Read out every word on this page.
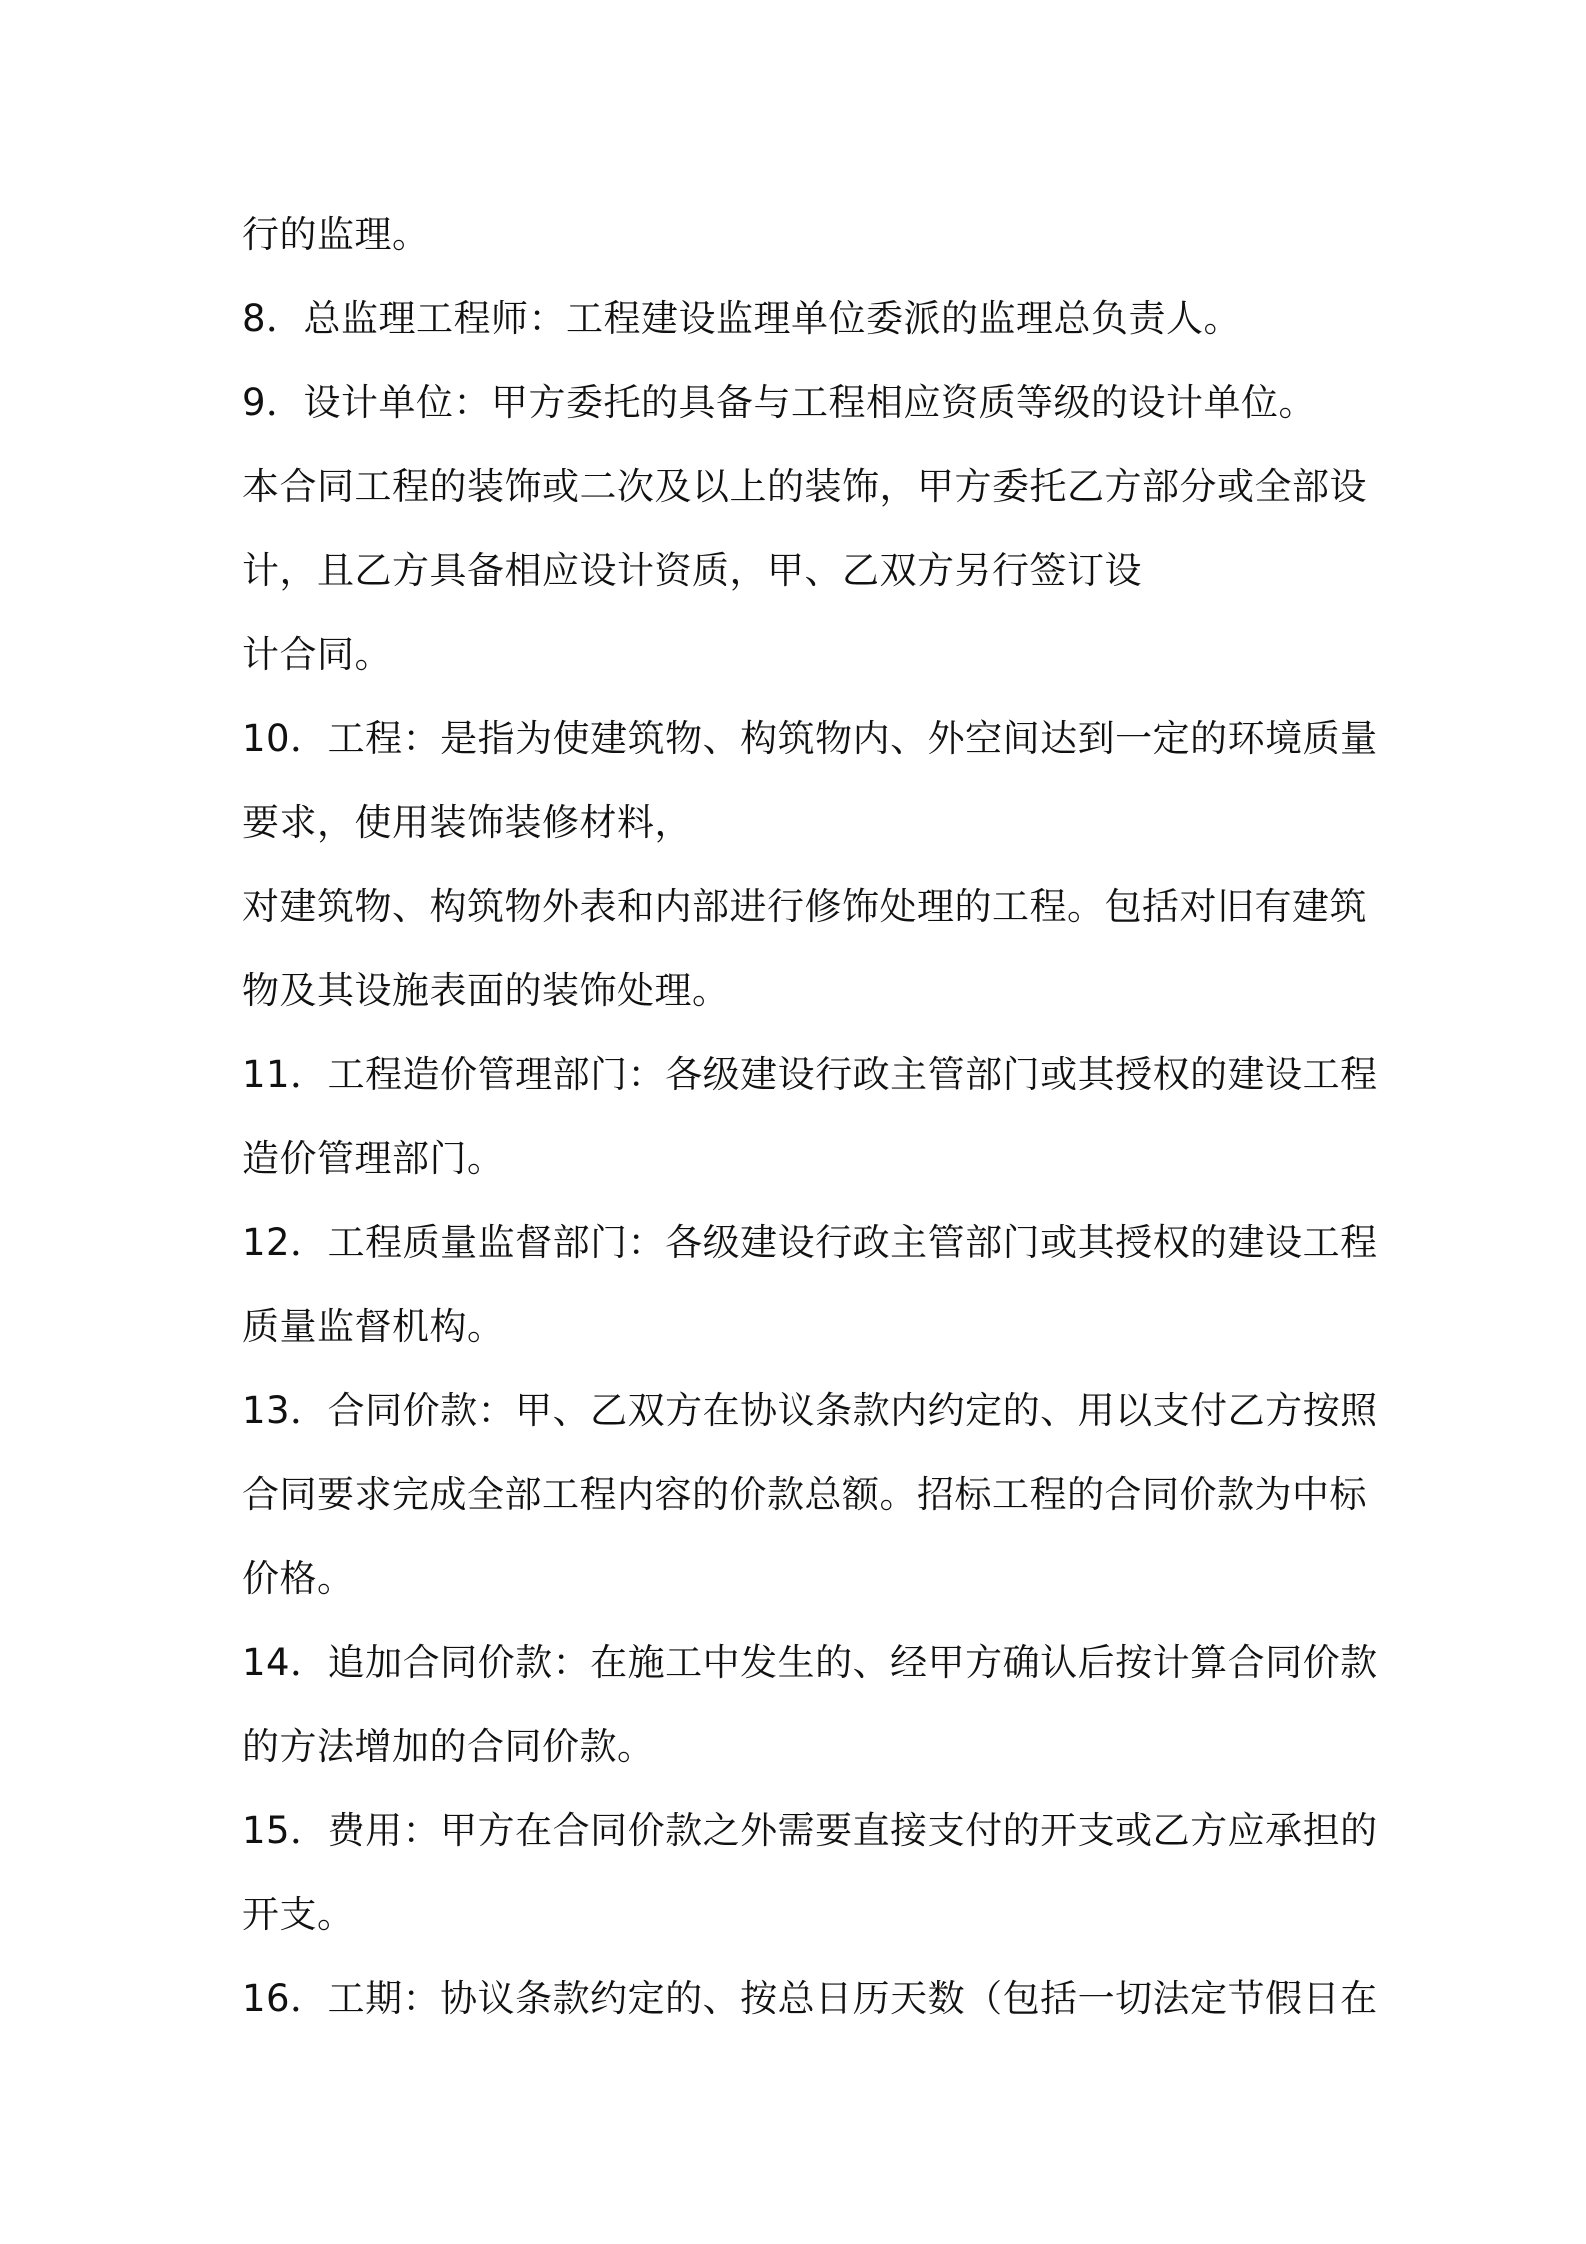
行的监理。
8．总监理工程师：工程建设监理单位委派的监理总负责人。
9．设计单位：甲方委托的具备与工程相应资质等级的设计单位。
本合同工程的装饰或二次及以上的装饰，甲方委托乙方部分或全部设
计，且乙方具备相应设计资质，甲、乙双方另行签订设
计合同。
10．工程：是指为使建筑物、构筑物内、外空间达到一定的环境质量
要求，使用装饰装修材料，
对建筑物、构筑物外表和内部进行修饰处理的工程。包括对旧有建筑
物及其设施表面的装饰处理。
11．工程造价管理部门：各级建设行政主管部门或其授权的建设工程
造价管理部门。
12．工程质量监督部门：各级建设行政主管部门或其授权的建设工程
质量监督机构。
13．合同价款：甲、乙双方在协议条款内约定的、用以支付乙方按照
合同要求完成全部工程内容的价款总额。招标工程的合同价款为中标
价格。
14．追加合同价款：在施工中发生的、经甲方确认后按计算合同价款
的方法增加的合同价款。
15．费用：甲方在合同价款之外需要直接支付的开支或乙方应承担的
开支。
16．工期：协议条款约定的、按总日历天数（包括一切法定节假日在
